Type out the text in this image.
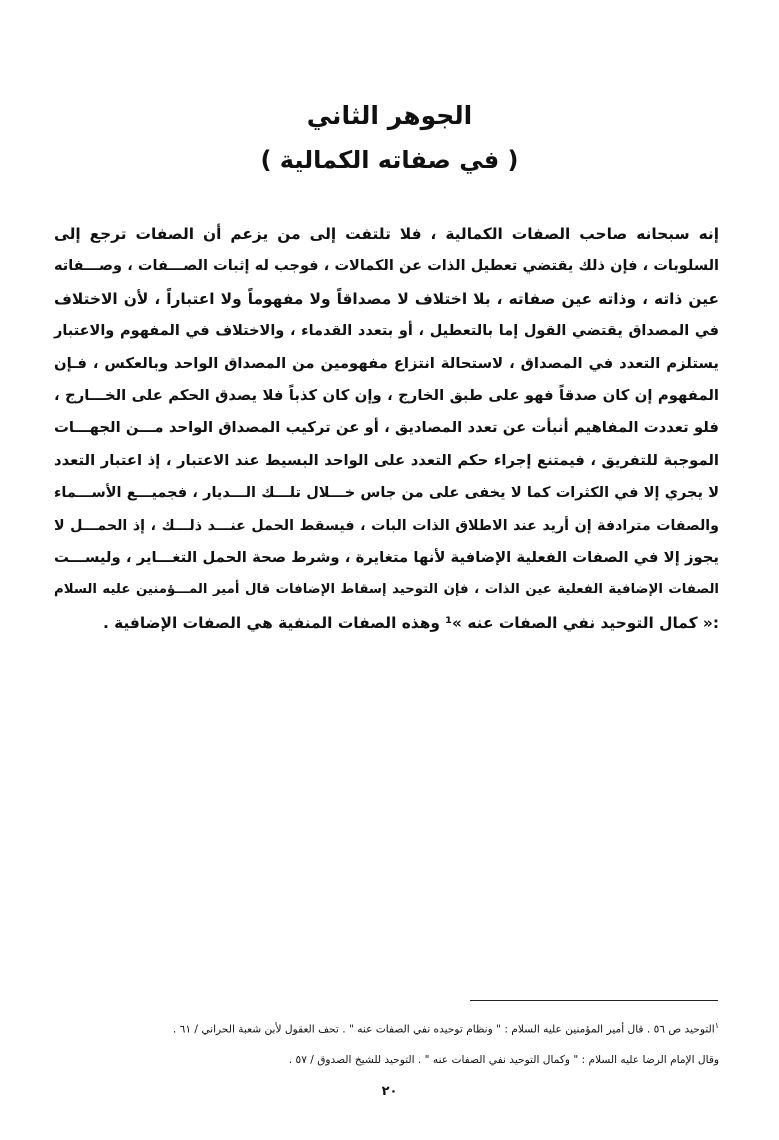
الجوهر الثاني
( في صفاته الكمالية )
إنه سبحانه صاحب الصفات الكمالية ، فلا تلتفت إلى من يزعم أن الصفات ترجع إلى
السلوبات ، فإن ذلك يقتضي تعطيل الذات عن الكمالات ، فوجب له إثبات الصـــفات ، وصـــفاته
عين ذاته ، وذاته عين صفاته ، بلا اختلاف لا مصداقاً ولا مفهوماً ولا اعتباراً ، لأن الاختلاف
في المصداق يقتضي القول إما بالتعطيل ، أو بتعدد القدماء ، والاختلاف في المفهوم والاعتبار
يستلزم التعدد في المصداق ، لاستحالة انتزاع مفهومين من المصداق الواحد وبالعكس ، فـإن
المفهوم إن كان صدقاً فهو على طبق الخارج ، وإن كان كذباً فلا يصدق الحكم على الخـــارج ،
فلو تعددت المفاهيم أنبأت عن تعدد المصاديق ، أو عن تركيب المصداق الواحد مـــن الجهـــات
الموجبة للتفريق ، فيمتنع إجراء حكم التعدد على الواحد البسيط عند الاعتبار ، إذ اعتبار التعدد
لا يجري إلا في الكثرات كما لا يخفى على من جاس خـــلال تلـــك الـــديار ، فجميـــع الأســـماء
والصفات مترادفة إن أريد عند الاطلاق الذات البات ، فيسقط الحمل عنـــد ذلـــك ، إذ الحمـــل لا
يجوز إلا في الصفات الفعلية الإضافية لأنها متغايرة ، وشرط صحة الحمل التغـــاير ، وليســـت
الصفات الإضافية الفعلية عين الذات ، فإن التوحيد إسقاط الإضافات قال أمير المـــؤمنين عليه السلام
:« كمال التوحيد نفي الصفات عنه »¹ وهذه الصفات المنفية هي الصفات الإضافية .
$^١$التوحيد ص ٥٦ . قال أمير المؤمنين عليه السلام : " ونظام توحيده نفي الصفات عنه " . تحف العقول لأبن شعبة الحراني / ٦١ .
وقال الإمام الرضا عليه السلام : " وكمال التوحيد نفي الصفات عنه " . التوحيد للشيخ الصدوق / ٥٧ .
٢٠
